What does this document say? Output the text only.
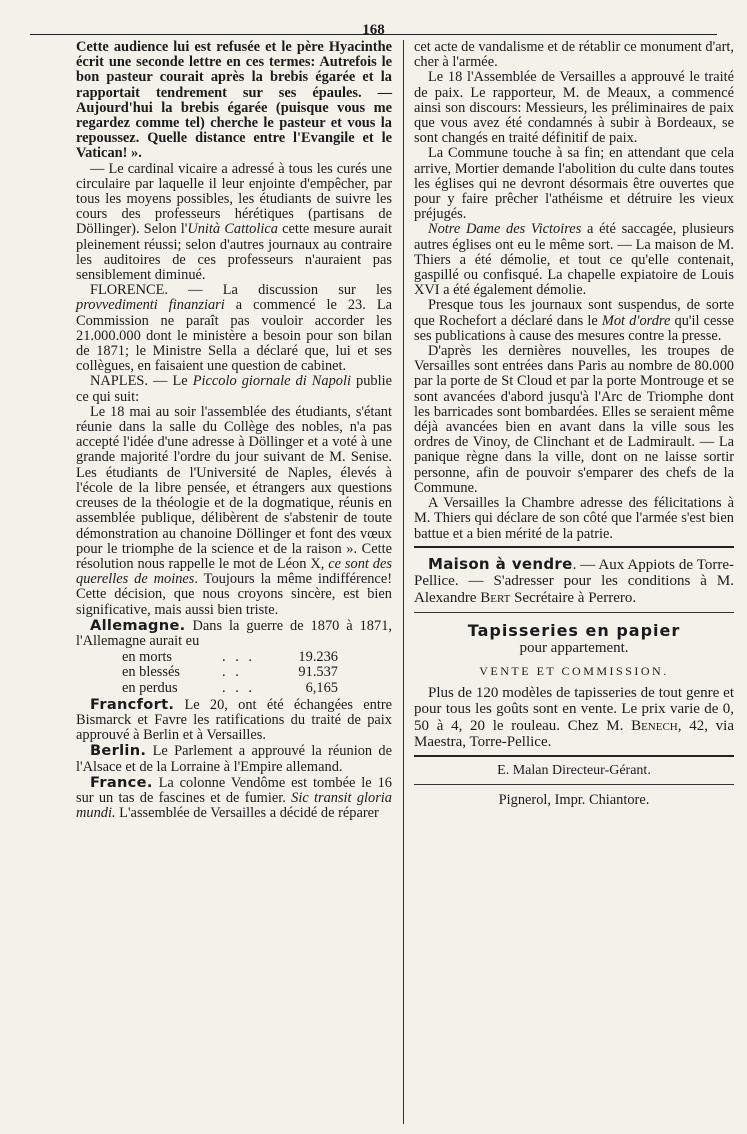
168

Cette audience lui est refusée et le père Hyacinthe écrit une seconde lettre en ces termes: Autrefois le bon pasteur courait après la brebis égarée et la rapportait tendrement sur ses épaules. — Aujourd'hui la brebis égarée (puisque vous me regardez comme tel) cherche le pasteur et vous la repoussez. Quelle distance entre l'Evangile et le Vatican! ».

— Le cardinal vicaire a adressé à tous les curés une circulaire par laquelle il leur enjointe d'empêcher, par tous les moyens possibles, les étudiants de suivre les cours des professeurs hérétiques (partisans de Döllinger). Selon l'Unità Cattolica cette mesure aurait pleinement réussi; selon d'autres journaux au contraire les auditoires de ces professeurs n'auraient pas sensiblement diminué.

FLORENCE. — La discussion sur les provvedimenti finanziari a commencé le 23. La Commission ne paraît pas vouloir accorder les 21.000.000 dont le ministère a besoin pour son bilan de 1871; le Ministre Sella a déclaré que, lui et ses collègues, en faisaient une question de cabinet.

NAPLES. — Le Piccolo giornale di Napoli publie ce qui suit:

Le 18 mai au soir l'assemblée des étudiants, s'étant réunie dans la salle du Collège des nobles, n'a pas accepté l'idée d'une adresse à Döllinger et a voté à une grande majorité l'ordre du jour suivant de M. Senise. Les étudiants de l'Université de Naples, élevés à l'école de la libre pensée, et étrangers aux questions creuses de la théologie et de la dogmatique, réunis en assemblée publique, délibèrent de s'abstenir de toute démonstration au chanoine Döllinger et font des vœux pour le triomphe de la science et de la raison ». Cette résolution nous rappelle le mot de Léon X, ce sont des querelles de moines. Toujours la même indifférence! Cette décision, que nous croyons sincère, est bien significative, mais aussi bien triste.

Allemagne. Dans la guerre de 1870 à 1871, l'Allemagne aurait eu

en morts	. . .	19.236
en blessés	. .	91.537
en perdus	. . .	6,165

Francfort. Le 20, ont été échangées entre Bismarck et Favre les ratifications du traité de paix approuvé à Berlin et à Versailles.

Berlin. Le Parlement a approuvé la réunion de l'Alsace et de la Lorraine à l'Empire allemand.

France. La colonne Vendôme est tombée le 16 sur un tas de fascines et de fumier. Sic transit gloria mundi. L'assemblée de Versailles a décidé de réparer

cet acte de vandalisme et de rétablir ce monument d'art, cher à l'armée.

Le 18 l'Assemblée de Versailles a approuvé le traité de paix. Le rapporteur, M. de Meaux, a commencé ainsi son discours: Messieurs, les préliminaires de paix que vous avez été condamnés à subir à Bordeaux, se sont changés en traité définitif de paix.

La Commune touche à sa fin; en attendant que cela arrive, Mortier demande l'abolition du culte dans toutes les églises qui ne devront désormais être ouvertes que pour y faire prêcher l'athéisme et détruire les vieux préjugés.

Notre Dame des Victoires a été saccagée, plusieurs autres églises ont eu le même sort. — La maison de M. Thiers a été démolie, et tout ce qu'elle contenait, gaspillé ou confisqué. La chapelle expiatoire de Louis XVI a été également démolie.

Presque tous les journaux sont suspendus, de sorte que Rochefort a déclaré dans le Mot d'ordre qu'il cesse ses publications à cause des mesures contre la presse.

D'après les dernières nouvelles, les troupes de Versailles sont entrées dans Paris au nombre de 80.000 par la porte de St Cloud et par la porte Montrouge et se sont avancées d'abord jusqu'à l'Arc de Triomphe dont les barricades sont bombardées. Elles se seraient même déjà avancées bien en avant dans la ville sous les ordres de Vinoy, de Clinchant et de Ladmirault. — La panique règne dans la ville, dont on ne laisse sortir personne, afin de pouvoir s'emparer des chefs de la Commune.

A Versailles la Chambre adresse des félicitations à M. Thiers qui déclare de son côté que l'armée s'est bien battue et a bien mérité de la patrie.

Maison à vendre. — Aux Appiots de Torre-Pellice. — S'adresser pour les conditions à M. Alexandre Bert Secrétaire à Perrero.

Tapisseries en papier
pour appartement.
VENTE ET COMMISSION.

Plus de 120 modèles de tapisseries de tout genre et pour tous les goûts sont en vente. Le prix varie de 0, 50 à 4, 20 le rouleau. Chez M. Benech, 42, via Maestra, Torre-Pellice.

E. Malan Directeur-Gérant.
Pignerol, Impr. Chiantore.
